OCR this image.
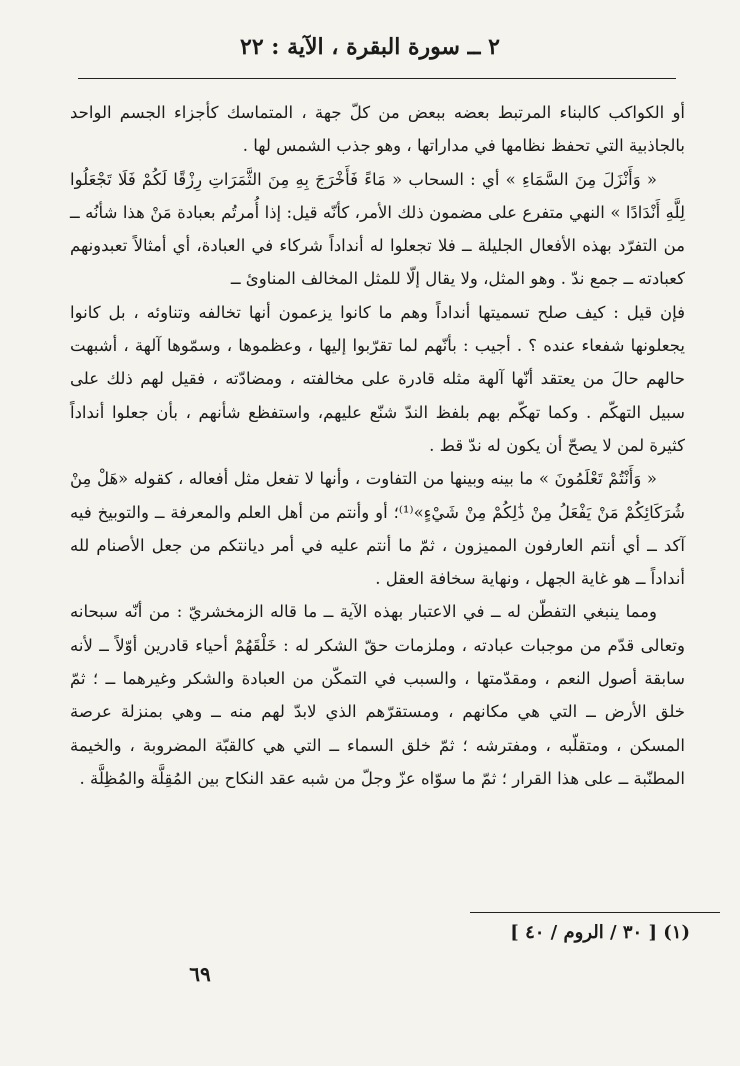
٢ ــ سورة البقرة ، الآية : ٢٢

أو الكواكب كالبناء المرتبط بعضه ببعض من كلّ جهة ، المتماسك كأجزاء الجسم الواحد بالجاذبية التي تحفظ نظامها في مداراتها ، وهو جذب الشمس لها .

« وَأَنْزَلَ مِنَ السَّمَاءِ » أي : السحاب « مَاءً فَأَخْرَجَ بِهِ مِنَ الثَّمَرَاتِ رِزْقًا لَكُمْ فَلَا تَجْعَلُوا لِلَّهِ أَنْدَادًا » النهي متفرع على مضمون ذلك الأمر، كأنّه قيل: إذا أُمرتُم بعبادة مَنْ هذا شأنُه ــ من التفرّد بهذه الأفعال الجليلة ــ فلا تجعلوا له أنداداً شركاء في العبادة، أي أمثالاً تعبدونهم كعبادته ــ جمع ندّ . وهو المثل، ولا يقال إلّا للمثل المخالف المناوئ ــ

فإن قيل : كيف صلح تسميتها أنداداً وهم ما كانوا يزعمون أنها تخالفه وتناوئه ، بل كانوا يجعلونها شفعاء عنده ؟ . أجيب : بأنّهم لما تقرّبوا إليها ، وعظموها ، وسمّوها آلهة ، أشبهت حالهم حالَ من يعتقد أنّها آلهة مثله قادرة على مخالفته ، ومضادّته ، فقيل لهم ذلك على سبيل التهكّم . وكما تهكّم بهم بلفظ الندّ شنّع عليهم، واستفظع شأنهم ، بأن جعلوا أنداداً كثيرة لمن لا يصحّ أن يكون له ندّ قط .

« وَأَنْتُمْ تَعْلَمُونَ » ما بينه وبينها من التفاوت ، وأنها لا تفعل مثل أفعاله ، كقوله «هَلْ مِنْ شُرَكَائِكُمْ مَنْ يَفْعَلُ مِنْ ذَٰلِكُمْ مِنْ شَيْءٍ»⁽¹⁾؛ أو وأنتم من أهل العلم والمعرفة ــ والتوبيخ فيه آكد ــ أي أنتم العارفون المميزون ، ثمّ ما أنتم عليه في أمر ديانتكم من جعل الأصنام لله أنداداً ــ هو غاية الجهل ، ونهاية سخافة العقل .

ومما ينبغي التفطّن له ــ في الاعتبار بهذه الآية ــ ما قاله الزمخشريّ : من أنّه سبحانه وتعالى قدّم من موجبات عبادته ، وملزمات حقّ الشكر له : خَلْقَهُمْ أحياء قادرين أوّلاً ــ لأنه سابقة أصول النعم ، ومقدّمتها ، والسبب في التمكّن من العبادة والشكر وغيرهما ــ ؛ ثمّ خلق الأرض ــ التي هي مكانهم ، ومستقرّهم الذي لابدّ لهم منه ــ وهي بمنزلة عرصة المسكن ، ومتقلّبه ، ومفترشه ؛ ثمّ خلق السماء ــ التي هي كالقبّة المضروبة ، والخيمة المطنّبة ــ على هذا القرار ؛ ثمّ ما سوّاه عزّ وجلّ من شبه عقد النكاح بين المُقِلَّة والمُظِلَّة .

(١) [ ٣٠ / الروم / ٤٠ ]
٦٩
